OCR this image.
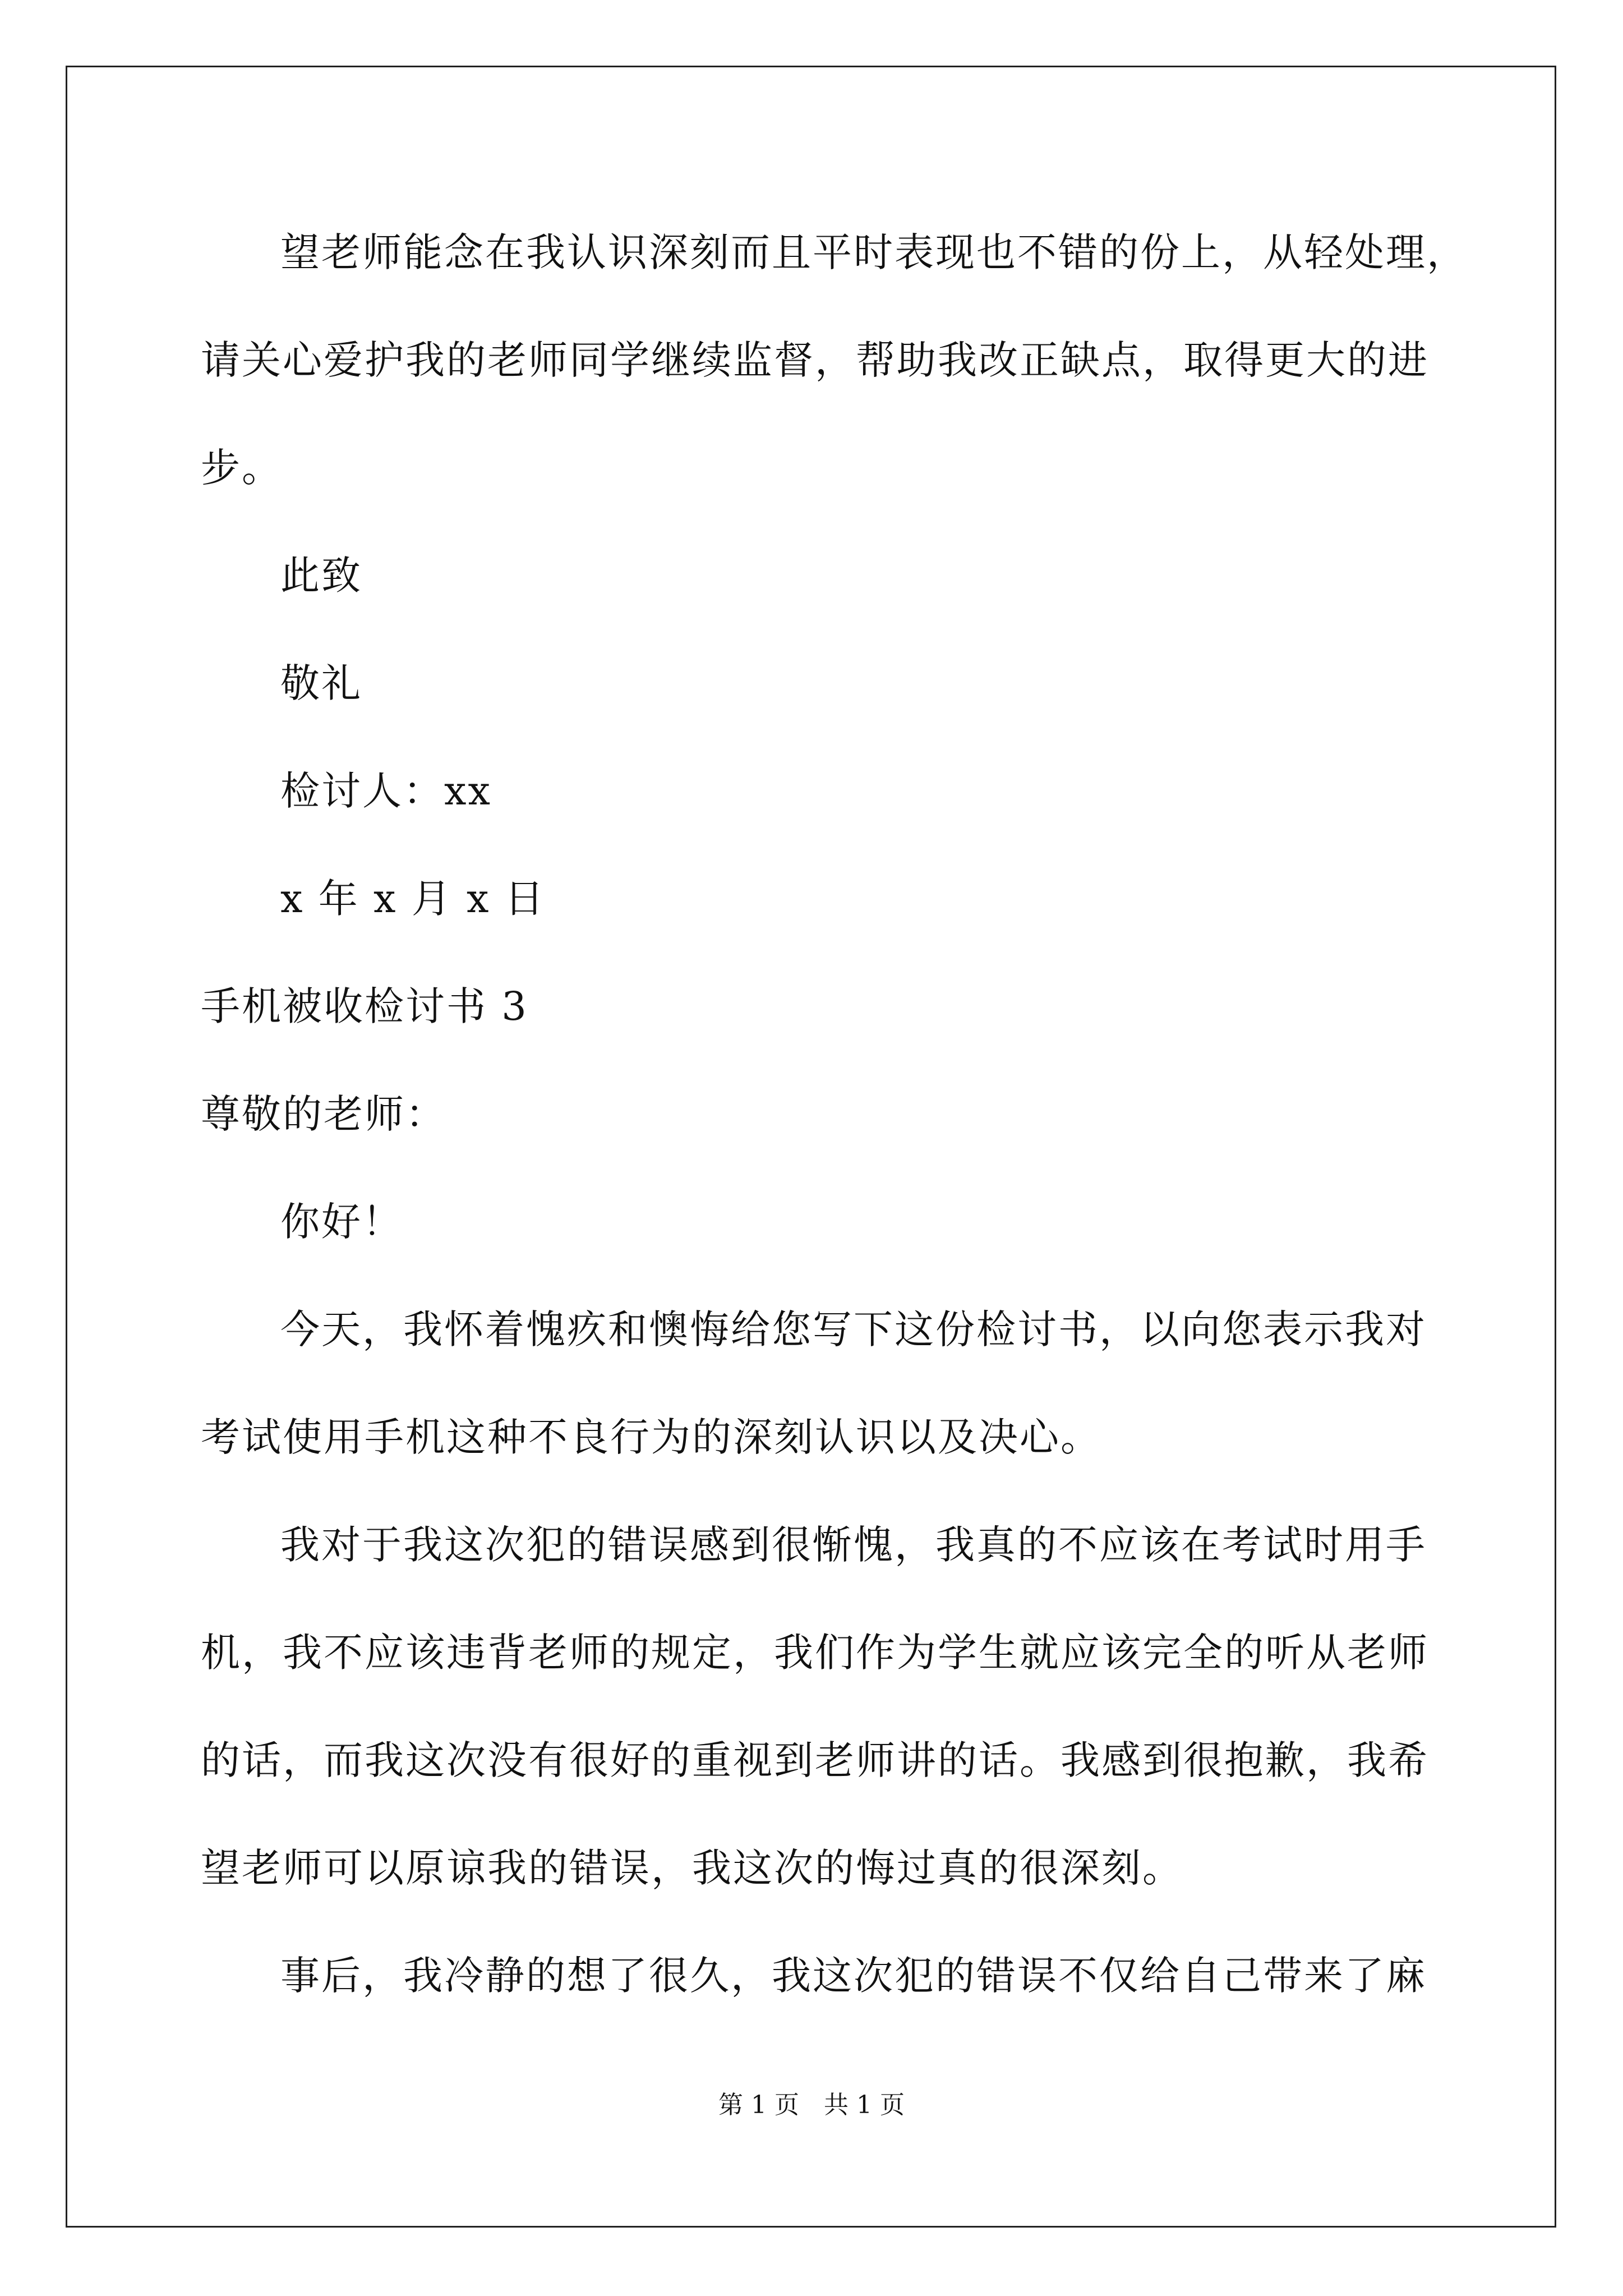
望老师能念在我认识深刻而且平时表现也不错的份上，从轻处理，
请关心爱护我的老师同学继续监督，帮助我改正缺点，取得更大的进
步。
此致
敬礼
检讨人：xx
x 年 x 月 x 日
手机被收检讨书 3
尊敬的老师：
你好！
今天，我怀着愧疚和懊悔给您写下这份检讨书，以向您表示我对
考试使用手机这种不良行为的深刻认识以及决心。
我对于我这次犯的错误感到很惭愧，我真的不应该在考试时用手
机，我不应该违背老师的规定，我们作为学生就应该完全的听从老师
的话，而我这次没有很好的重视到老师讲的话。我感到很抱歉，我希
望老师可以原谅我的错误，我这次的悔过真的很深刻。
事后，我冷静的想了很久，我这次犯的错误不仅给自己带来了麻
第 1 页　共 1 页
